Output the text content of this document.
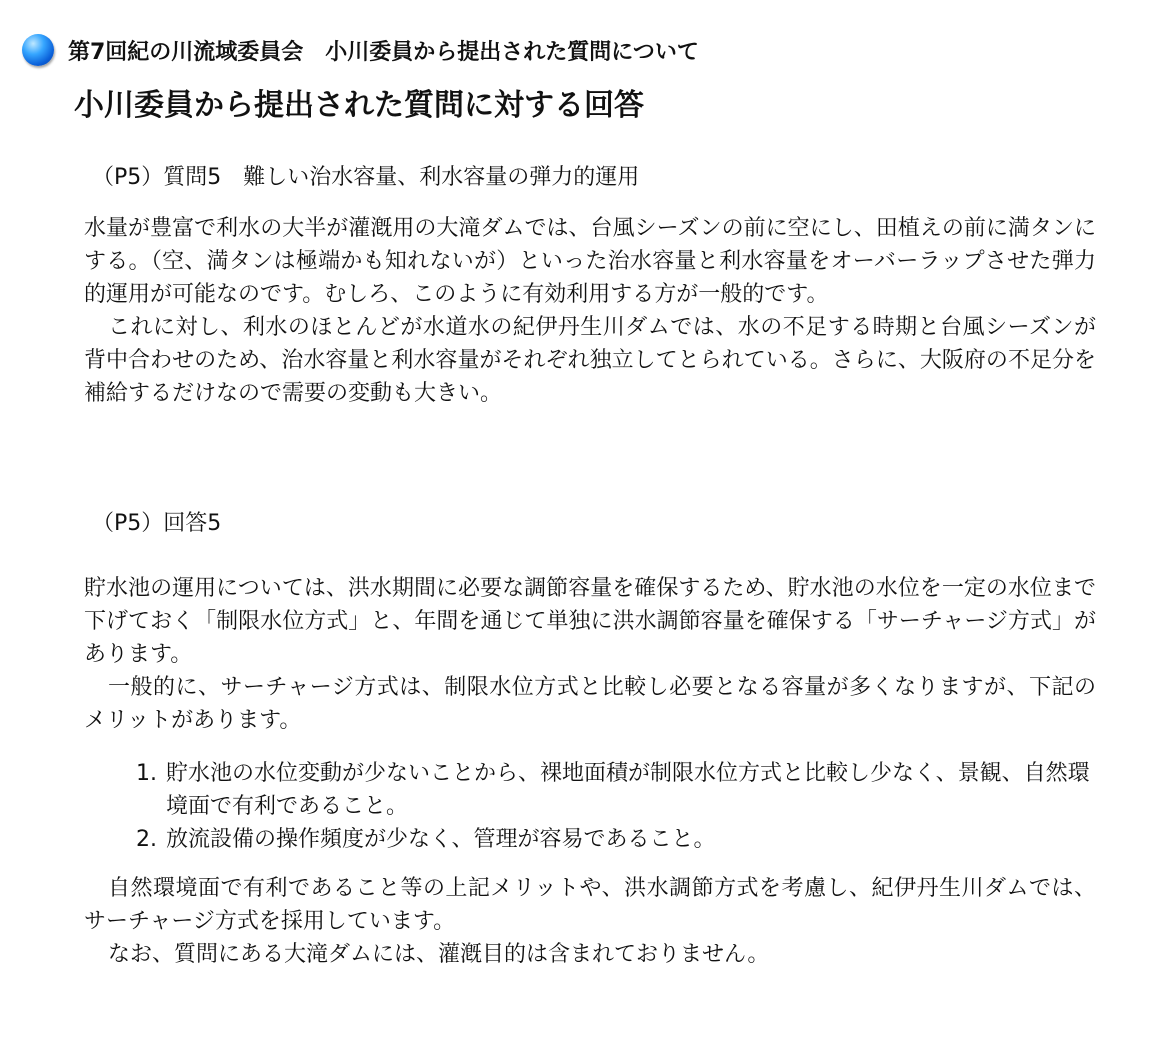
第7回紀の川流域委員会　小川委員から提出された質問について
小川委員から提出された質問に対する回答
（P5）質問5　難しい治水容量、利水容量の弾力的運用

水量が豊富で利水の大半が灌漑用の大滝ダムでは、台風シーズンの前に空にし、田植えの前に満タンにする。（空、満タンは極端かも知れないが）といった治水容量と利水容量をオーバーラップさせた弾力的運用が可能なのです。むしろ、このように有効利用する方が一般的です。

これに対し、利水のほとんどが水道水の紀伊丹生川ダムでは、水の不足する時期と台風シーズンが背中合わせのため、治水容量と利水容量がそれぞれ独立してとられている。さらに、大阪府の不足分を補給するだけなので需要の変動も大きい。

（P5）回答5

貯水池の運用については、洪水期間に必要な調節容量を確保するため、貯水池の水位を一定の水位まで下げておく「制限水位方式」と、年間を通じて単独に洪水調節容量を確保する「サーチャージ方式」があります。

一般的に、サーチャージ方式は、制限水位方式と比較し必要となる容量が多くなりますが、下記のメリットがあります。

1. 貯水池の水位変動が少ないことから、裸地面積が制限水位方式と比較し少なく、景観、自然環境面で有利であること。
2. 放流設備の操作頻度が少なく、管理が容易であること。

自然環境面で有利であること等の上記メリットや、洪水調節方式を考慮し、紀伊丹生川ダムでは、サーチャージ方式を採用しています。

なお、質問にある大滝ダムには、灌漑目的は含まれておりません。
